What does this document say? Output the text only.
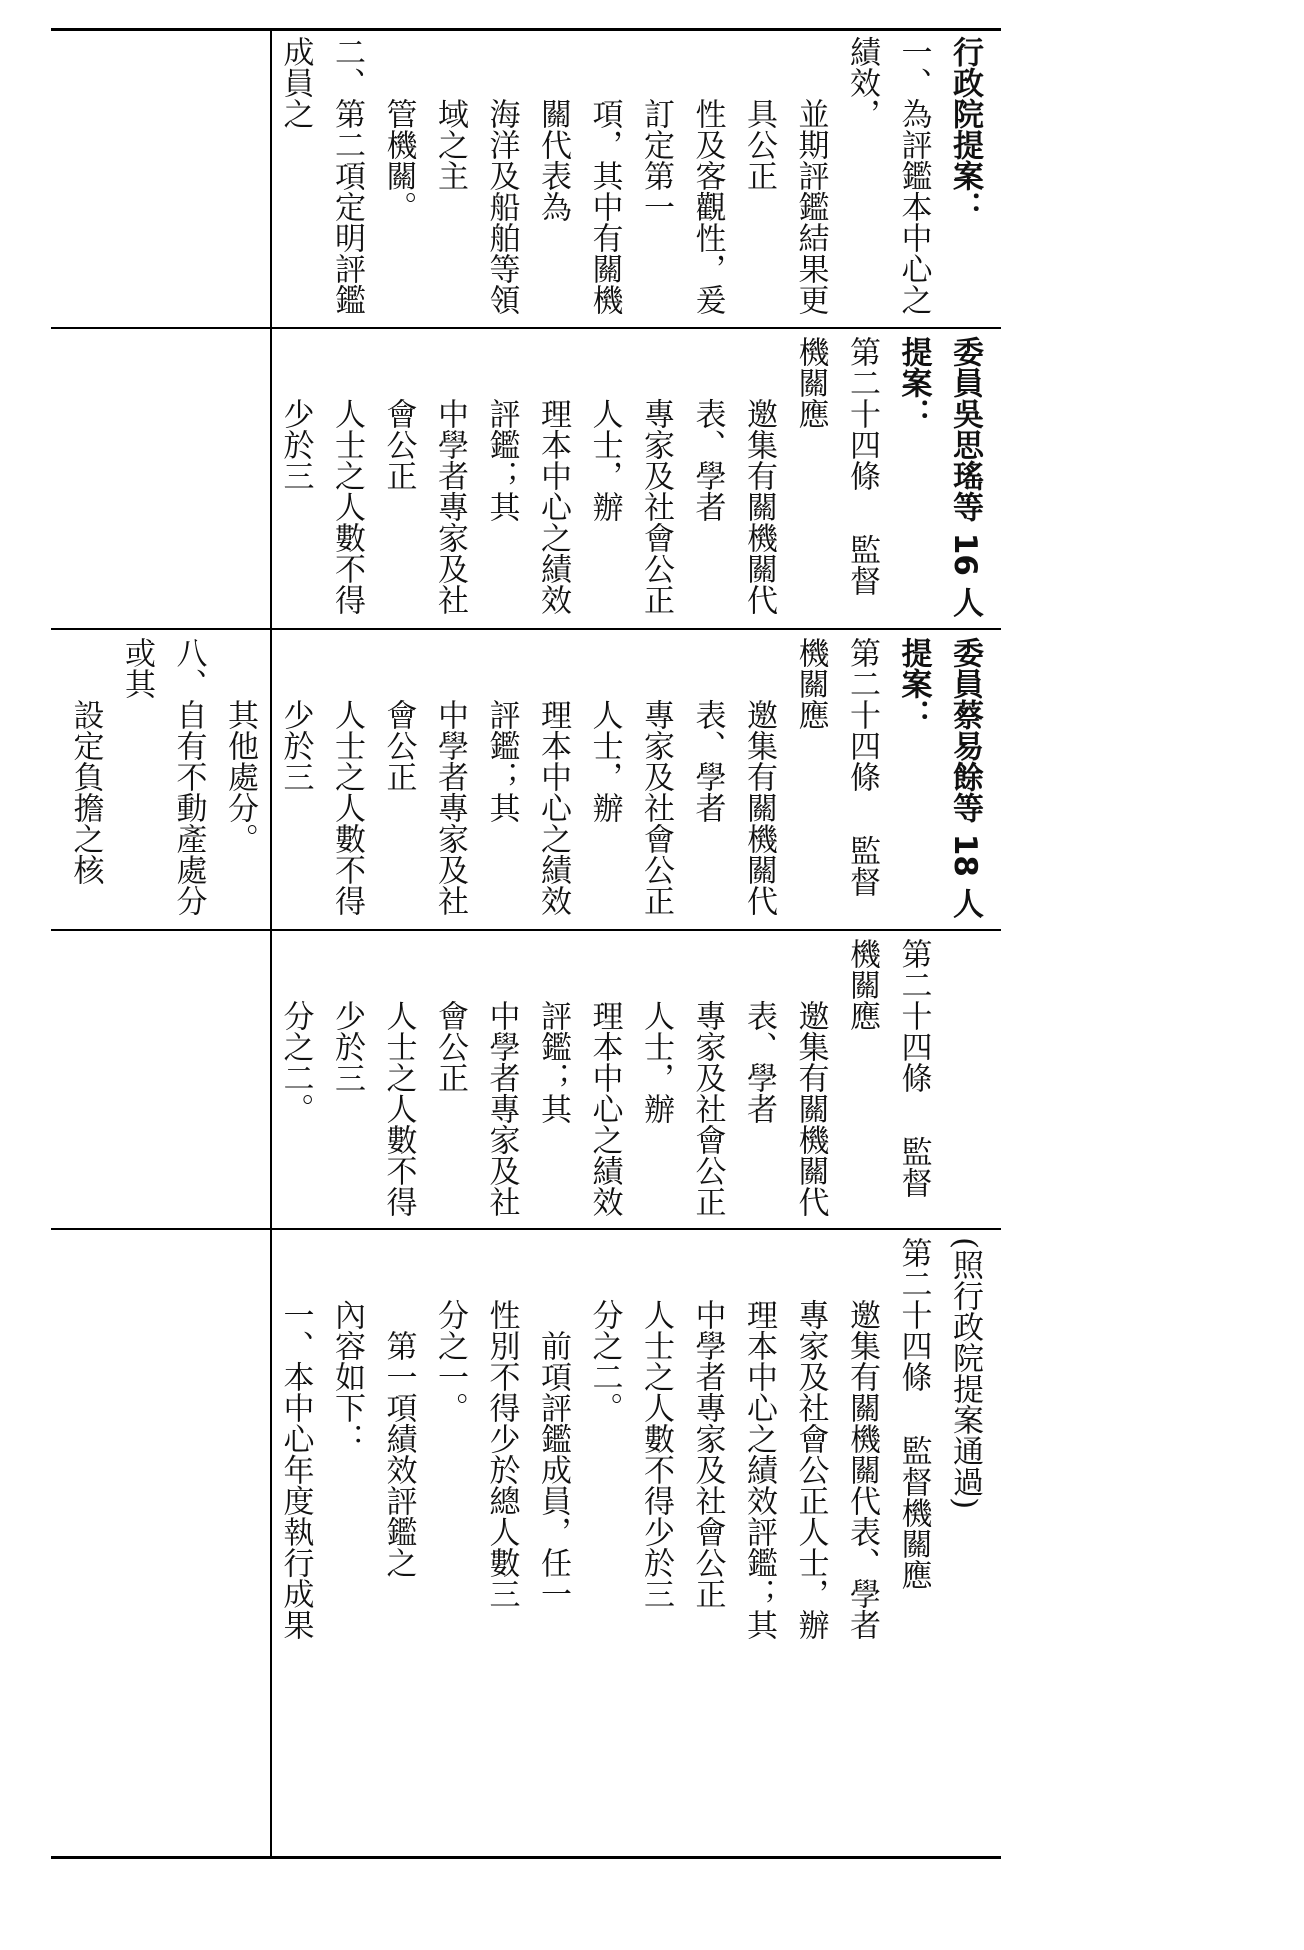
行政院提案：

一、為評鑑本中心之績效，

並期評鑑結果更具公正

性及客觀性，爰訂定第一

項，其中有關機關代表為

海洋及船舶等領域之主

管機關。

二、第二項定明評鑑成員之

委員吳思瑤等 16 人提案：

第二十四條監督機關應

邀集有關機關代表、學者

專家及社會公正人士，辦

理本中心之績效評鑑；其

中學者專家及社會公正

人士之人數不得少於三

委員蔡易餘等 18 人提案：

第二十四條監督機關應

邀集有關機關代表、學者

專家及社會公正人士，辦

理本中心之績效評鑑；其

中學者專家及社會公正

人士之人數不得少於三

其他處分。

八、自有不動產處分或其

設定負擔之核

第二十四條監督機關應

邀集有關機關代表、學者

專家及社會公正人士，辦

理本中心之績效評鑑；其

中學者專家及社會公正

人士之人數不得少於三

分之二。

(照行政院提案通過)

第二十四條監督機關應

邀集有關機關代表、學者

專家及社會公正人士，辦

理本中心之績效評鑑；其

中學者專家及社會公正

人士之人數不得少於三

分之二。

前項評鑑成員，任一

性別不得少於總人數三

分之一。

第一項績效評鑑之

內容如下：

一、本中心年度執行成果
